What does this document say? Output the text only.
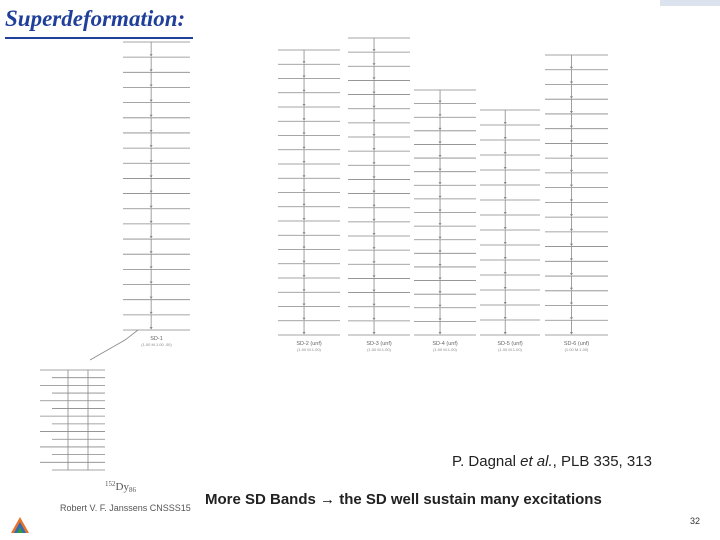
Superdeformation:
$^{152}$Dy86
SD-1
(1.00 M.1.00 .00)	SD-2 (unf)
(1.00 M.1.00)
SD-3 (unf)
(1.00 M.1.00)
SD-4 (unf)
(1.00 M.1.00)
SD-5 (unf)
(1.00 M.1.00)
SD-6 (unf)
(1.00 M.1.00)
P. Dagnal et al., PLB 335, 313
Robert V. F. Janssens CNSSS15 More SD Bands → the SD well sustain many excitations
32
